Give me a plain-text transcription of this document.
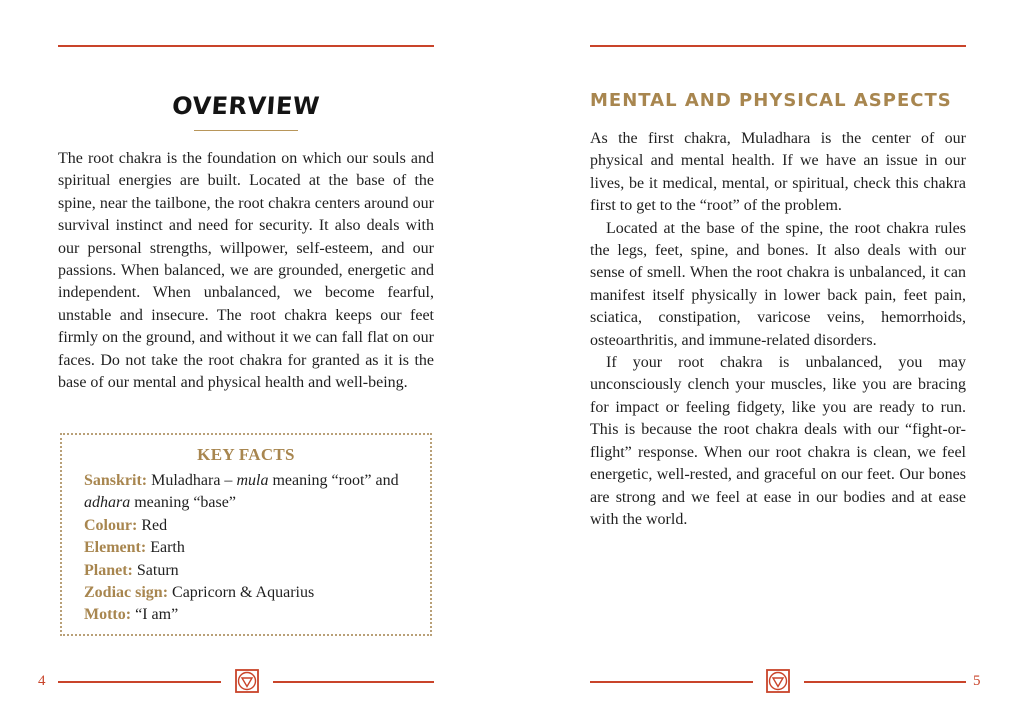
OVERVIEW

The root chakra is the foundation on which our souls and spiritual energies are built. Located at the base of the spine, near the tailbone, the root chakra centers around our survival instinct and need for security. It also deals with our personal strengths, willpower, self-esteem, and our passions. When balanced, we are grounded, energetic and independent. When unbalanced, we become fearful, unstable and insecure. The root chakra keeps our feet firmly on the ground, and without it we can fall flat on our faces. Do not take the root chakra for granted as it is the base of our mental and physical health and well-being.

KEY FACTS
Sanskrit: Muladhara – mula meaning “root” and adhara meaning “base”
Colour: Red
Element: Earth
Planet: Saturn
Zodiac sign: Capricorn & Aquarius
Motto: “I am”
MENTAL AND PHYSICAL ASPECTS
As the first chakra, Muladhara is the center of our physical and mental health. If we have an issue in our lives, be it medical, mental, or spiritual, check this chakra first to get to the “root” of the problem.
Located at the base of the spine, the root chakra rules the legs, feet, spine, and bones. It also deals with our sense of smell. When the root chakra is unbalanced, it can manifest itself physically in lower back pain, feet pain, sciatica, constipation, varicose veins, hemorrhoids, osteoarthritis, and immune-related disorders.
If your root chakra is unbalanced, you may unconsciously clench your muscles, like you are bracing for impact or feeling fidgety, like you are ready to run. This is because the root chakra deals with our “fight-or-flight” response. When our root chakra is clean, we feel energetic, well-rested, and graceful on our feet. Our bones are strong and we feel at ease in our bodies and at ease with the world.
4	5
